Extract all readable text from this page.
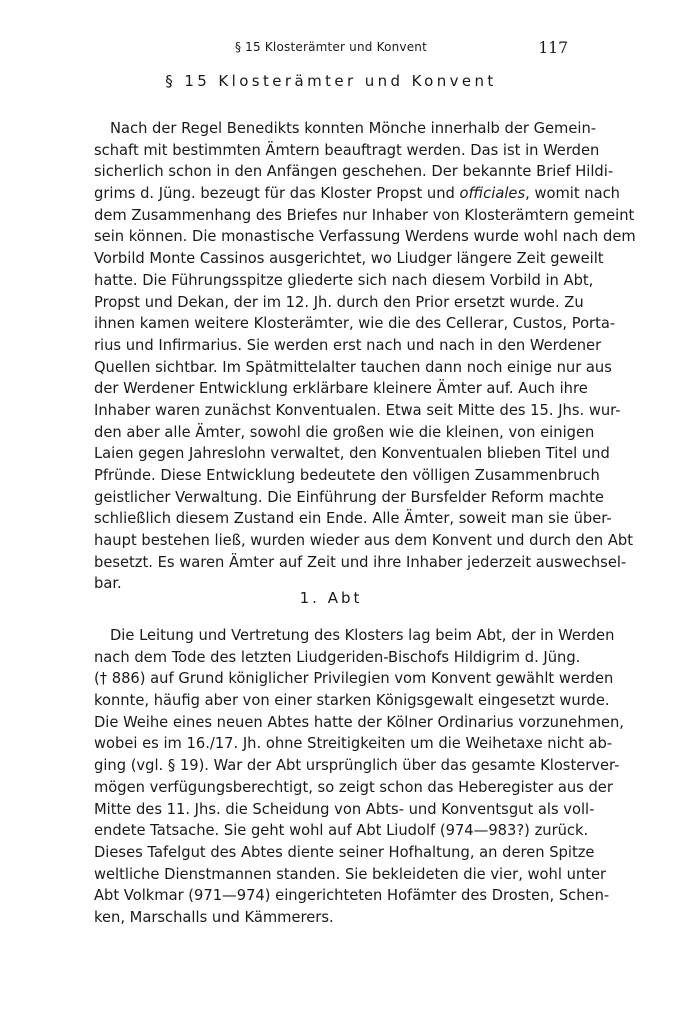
§ 15 Klosterämter und Konvent	117
§ 15 Klosterämter und Konvent
Nach der Regel Benedikts konnten Mönche innerhalb der Gemein-
schaft mit bestimmten Ämtern beauftragt werden. Das ist in Werden
sicherlich schon in den Anfängen geschehen. Der bekannte Brief Hildi-
grims d. Jüng. bezeugt für das Kloster Propst und officiales, womit nach
dem Zusammenhang des Briefes nur Inhaber von Klosterämtern gemeint
sein können. Die monastische Verfassung Werdens wurde wohl nach dem
Vorbild Monte Cassinos ausgerichtet, wo Liudger längere Zeit geweilt
hatte. Die Führungsspitze gliederte sich nach diesem Vorbild in Abt,
Propst und Dekan, der im 12. Jh. durch den Prior ersetzt wurde. Zu
ihnen kamen weitere Klosterämter, wie die des Cellerar, Custos, Porta-
rius und Infirmarius. Sie werden erst nach und nach in den Werdener
Quellen sichtbar. Im Spätmittelalter tauchen dann noch einige nur aus
der Werdener Entwicklung erklärbare kleinere Ämter auf. Auch ihre
Inhaber waren zunächst Konventualen. Etwa seit Mitte des 15. Jhs. wur-
den aber alle Ämter, sowohl die großen wie die kleinen, von einigen
Laien gegen Jahreslohn verwaltet, den Konventualen blieben Titel und
Pfründe. Diese Entwicklung bedeutete den völligen Zusammenbruch
geistlicher Verwaltung. Die Einführung der Bursfelder Reform machte
schließlich diesem Zustand ein Ende. Alle Ämter, soweit man sie über-
haupt bestehen ließ, wurden wieder aus dem Konvent und durch den Abt
besetzt. Es waren Ämter auf Zeit und ihre Inhaber jederzeit auswechsel-
bar.
1. Abt
Die Leitung und Vertretung des Klosters lag beim Abt, der in Werden
nach dem Tode des letzten Liudgeriden-Bischofs Hildigrim d. Jüng.
(† 886) auf Grund königlicher Privilegien vom Konvent gewählt werden
konnte, häufig aber von einer starken Königsgewalt eingesetzt wurde.
Die Weihe eines neuen Abtes hatte der Kölner Ordinarius vorzunehmen,
wobei es im 16./17. Jh. ohne Streitigkeiten um die Weihetaxe nicht ab-
ging (vgl. § 19). War der Abt ursprünglich über das gesamte Klosterver-
mögen verfügungsberechtigt, so zeigt schon das Heberegister aus der
Mitte des 11. Jhs. die Scheidung von Abts- und Konventsgut als voll-
endete Tatsache. Sie geht wohl auf Abt Liudolf (974—983?) zurück.
Dieses Tafelgut des Abtes diente seiner Hofhaltung, an deren Spitze
weltliche Dienstmannen standen. Sie bekleideten die vier, wohl unter
Abt Volkmar (971—974) eingerichteten Hofämter des Drosten, Schen-
ken, Marschalls und Kämmerers.
